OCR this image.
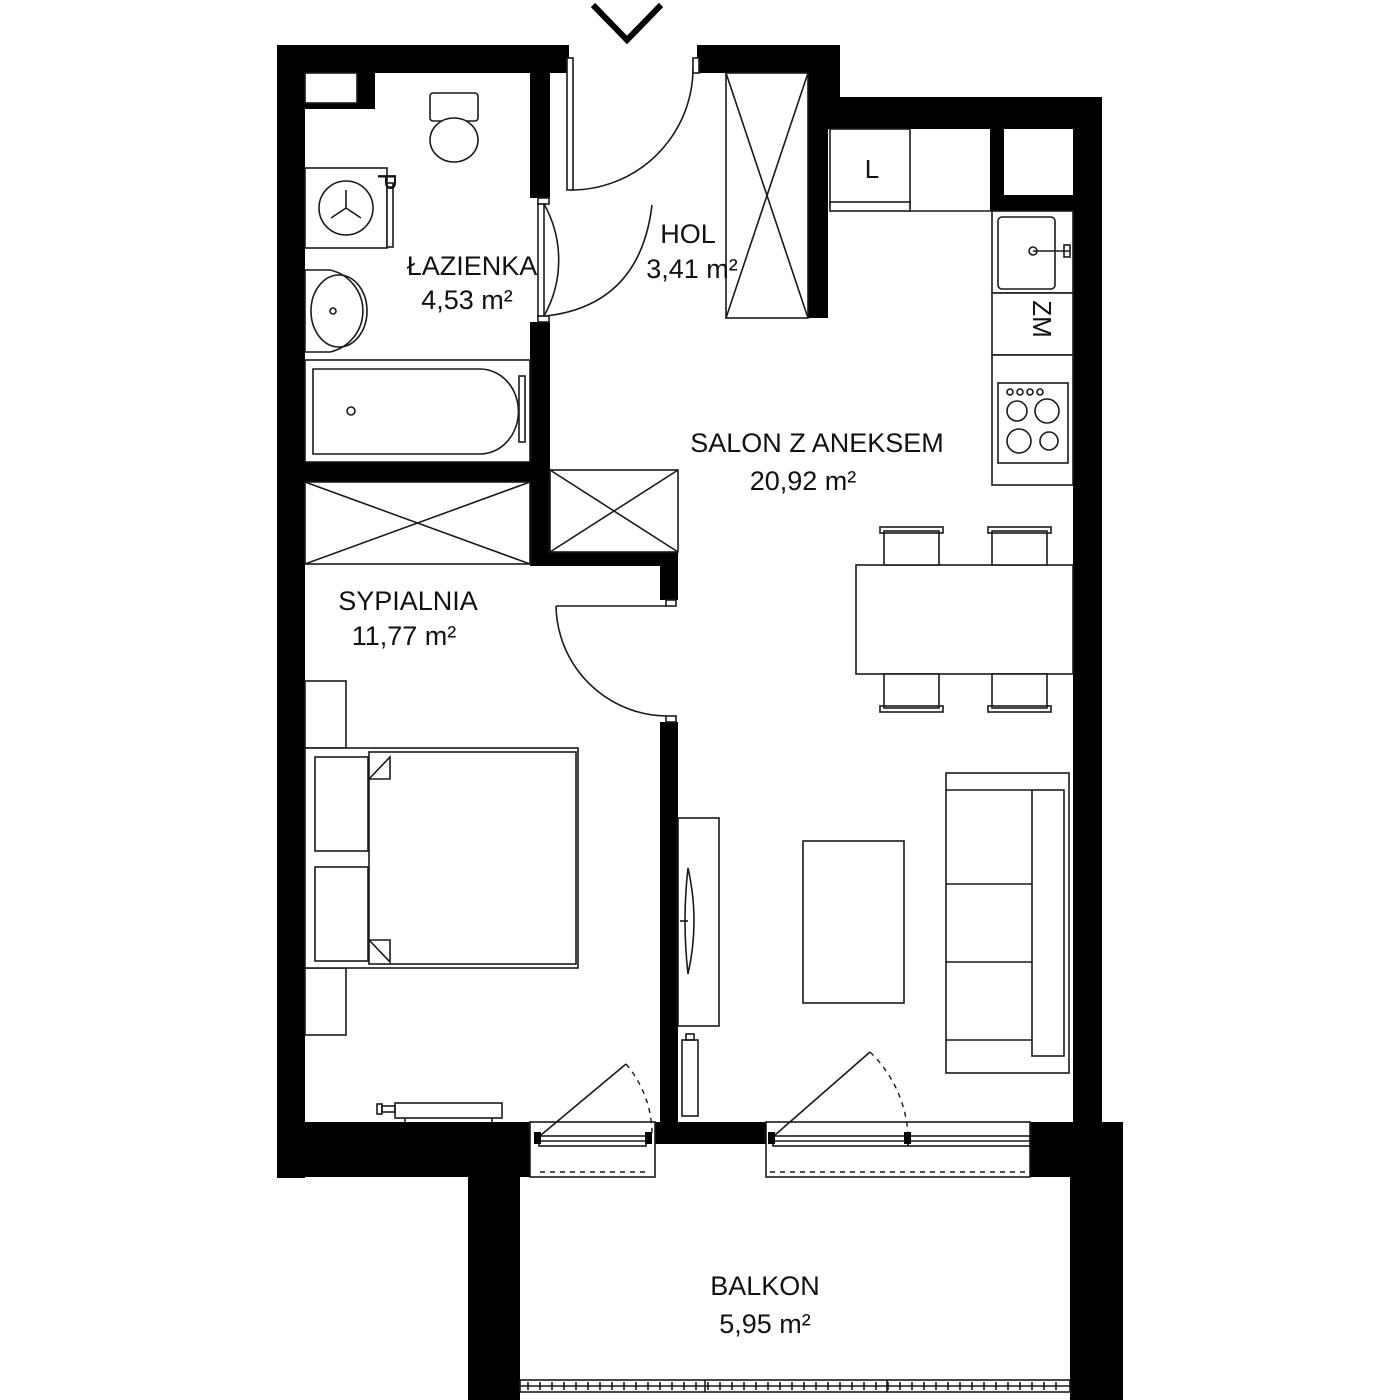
P	L
ZM
ŁAZIENKA
4,53 m²
HOL
3,41 m²
SALON Z ANEKSEM
20,92 m²
SYPIALNIA
11,77 m²
BALKON
5,95 m²
